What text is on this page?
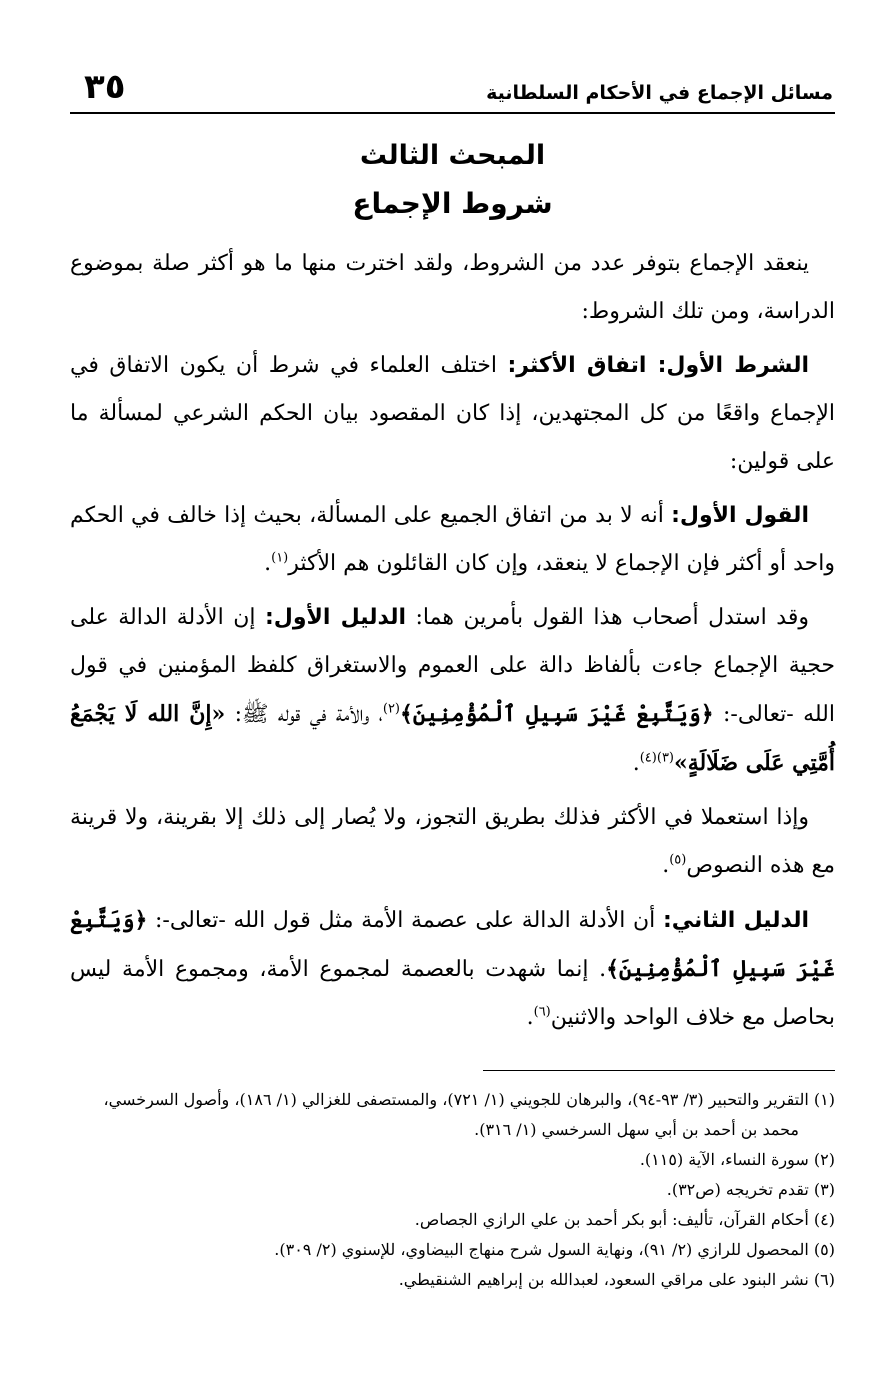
مسائل الإجماع في الأحكام السلطانية
٣٥
المبحث الثالث
شروط الإجماع

ينعقد الإجماع بتوفر عدد من الشروط، ولقد اخترت منها ما هو أكثر صلة بموضوع الدراسة، ومن تلك الشروط:

الشرط الأول: اتفاق الأكثر: اختلف العلماء في شرط أن يكون الاتفاق في الإجماع واقعًا من كل المجتهدين، إذا كان المقصود بيان الحكم الشرعي لمسألة ما على قولين:

القول الأول: أنه لا بد من اتفاق الجميع على المسألة، بحيث إذا خالف في الحكم واحد أو أكثر فإن الإجماع لا ينعقد، وإن كان القائلون هم الأكثر$^{(١)}$.

وقد استدل أصحاب هذا القول بأمرين هما: الدليل الأول: إن الأدلة الدالة على حجية الإجماع جاءت بألفاظ دالة على العموم والاستغراق كلفظ المؤمنين في قول الله -تعالى-: ﴿وَيَتَّبِعْ غَيْرَ سَبِيلِ ٱلْمُؤْمِنِينَ﴾$^{(٢)}$، والأمة في قوله ﷺ: «إِنَّ الله لَا يَجْمَعُ أُمَّتِي عَلَى ضَلَالَةٍ»$^{(٣)(٤)}$.

وإذا استعملا في الأكثر فذلك بطريق التجوز، ولا يُصار إلى ذلك إلا بقرينة، ولا قرينة مع هذه النصوص$^{(٥)}$.

الدليل الثاني: أن الأدلة الدالة على عصمة الأمة مثل قول الله -تعالى-: ﴿وَيَتَّبِعْ غَيْرَ سَبِيلِ ٱلْمُؤْمِنِينَ﴾. إنما شهدت بالعصمة لمجموع الأمة، ومجموع الأمة ليس بحاصل مع خلاف الواحد والاثنين$^{(٦)}$.

(١) التقرير والتحبير (٣/ ٩٣-٩٤)، والبرهان للجويني (١/ ٧٢١)، والمستصفى للغزالي (١/ ١٨٦)، وأصول السرخسي، محمد بن أحمد بن أبي سهل السرخسي (١/ ٣١٦).

(٢) سورة النساء، الآية (١١٥).

(٣) تقدم تخريجه (ص٣٢).

(٤) أحكام القرآن، تأليف: أبو بكر أحمد بن علي الرازي الجصاص.

(٥) المحصول للرازي (٢/ ٩١)، ونهاية السول شرح منهاج البيضاوي، للإسنوي (٢/ ٣٠٩).

(٦) نشر البنود على مراقي السعود، لعبدالله بن إبراهيم الشنقيطي.
